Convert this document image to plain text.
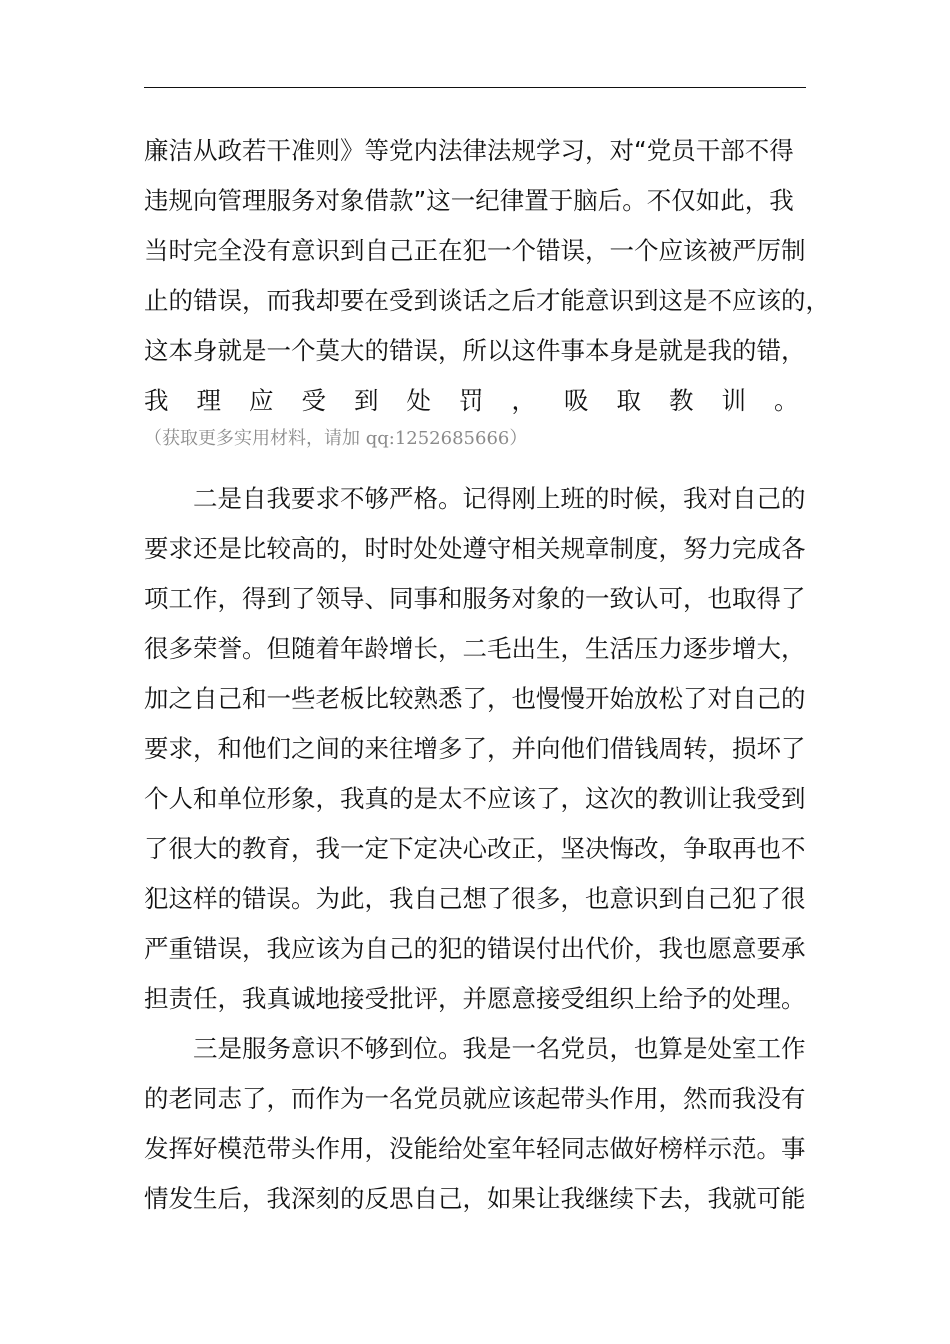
廉洁从政若干准则》等党内法律法规学习，对“党员干部不得
违规向管理服务对象借款”这一纪律置于脑后。不仅如此，我
当时完全没有意识到自己正在犯一个错误，一个应该被严厉制
止的错误，而我却要在受到谈话之后才能意识到这是不应该的，
这本身就是一个莫大的错误，所以这件事本身是就是我的错，
我理应受到处罚，吸取教训。
（获取更多实用材料，请加 qq:1252685666）
二是自我要求不够严格。记得刚上班的时候，我对自己的
要求还是比较高的，时时处处遵守相关规章制度，努力完成各
项工作，得到了领导、同事和服务对象的一致认可，也取得了
很多荣誉。但随着年龄增长，二毛出生，生活压力逐步增大，
加之自己和一些老板比较熟悉了，也慢慢开始放松了对自己的
要求，和他们之间的来往增多了，并向他们借钱周转，损坏了
个人和单位形象，我真的是太不应该了，这次的教训让我受到
了很大的教育，我一定下定决心改正，坚决悔改，争取再也不
犯这样的错误。为此，我自己想了很多，也意识到自己犯了很
严重错误，我应该为自己的犯的错误付出代价，我也愿意要承
担责任，我真诚地接受批评，并愿意接受组织上给予的处理。
三是服务意识不够到位。我是一名党员，也算是处室工作
的老同志了，而作为一名党员就应该起带头作用，然而我没有
发挥好模范带头作用，没能给处室年轻同志做好榜样示范。事
情发生后，我深刻的反思自己，如果让我继续下去，我就可能
